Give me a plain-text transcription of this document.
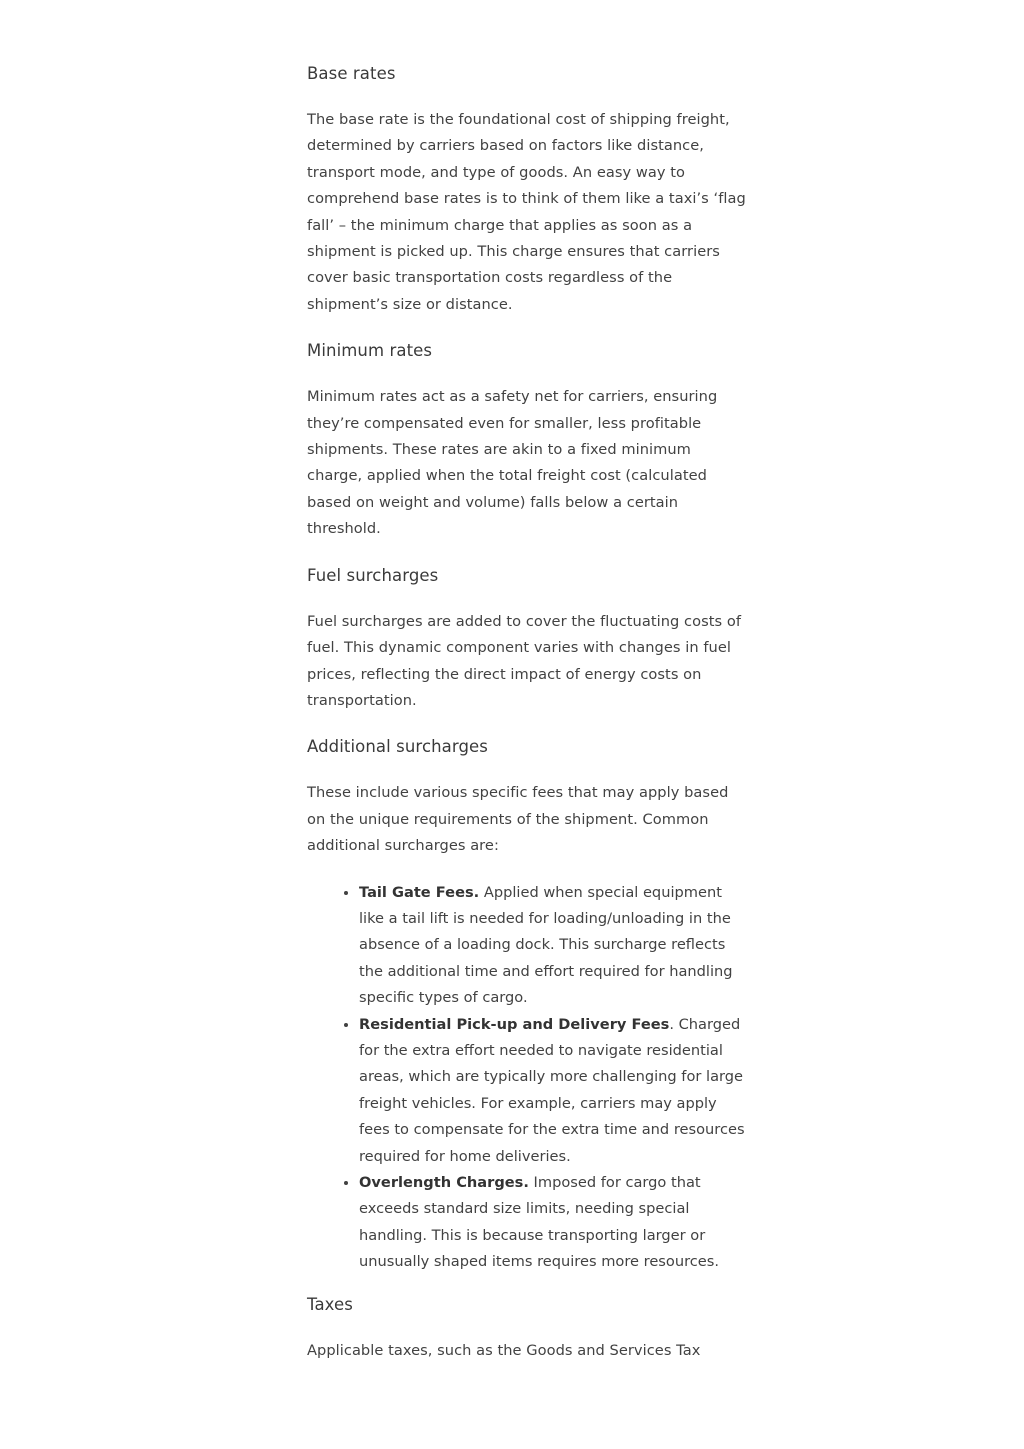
Base rates

The base rate is the foundational cost of shipping freight, determined by carriers based on factors like distance, transport mode, and type of goods. An easy way to comprehend base rates is to think of them like a taxi’s ‘flag fall’ – the minimum charge that applies as soon as a shipment is picked up. This charge ensures that carriers cover basic transportation costs regardless of the shipment’s size or distance.

Minimum rates

Minimum rates act as a safety net for carriers, ensuring they’re compensated even for smaller, less profitable shipments. These rates are akin to a fixed minimum charge, applied when the total freight cost (calculated based on weight and volume) falls below a certain threshold.

Fuel surcharges

Fuel surcharges are added to cover the fluctuating costs of fuel. This dynamic component varies with changes in fuel prices, reflecting the direct impact of energy costs on transportation.

Additional surcharges

These include various specific fees that may apply based on the unique requirements of the shipment. Common additional surcharges are:

• Tail Gate Fees. Applied when special equipment like a tail lift is needed for loading/unloading in the absence of a loading dock. This surcharge reflects the additional time and effort required for handling specific types of cargo.
• Residential Pick-up and Delivery Fees. Charged for the extra effort needed to navigate residential areas, which are typically more challenging for large freight vehicles. For example, carriers may apply fees to compensate for the extra time and resources required for home deliveries.
• Overlength Charges. Imposed for cargo that exceeds standard size limits, needing special handling. This is because transporting larger or unusually shaped items requires more resources.
Taxes

Applicable taxes, such as the Goods and Services Tax
